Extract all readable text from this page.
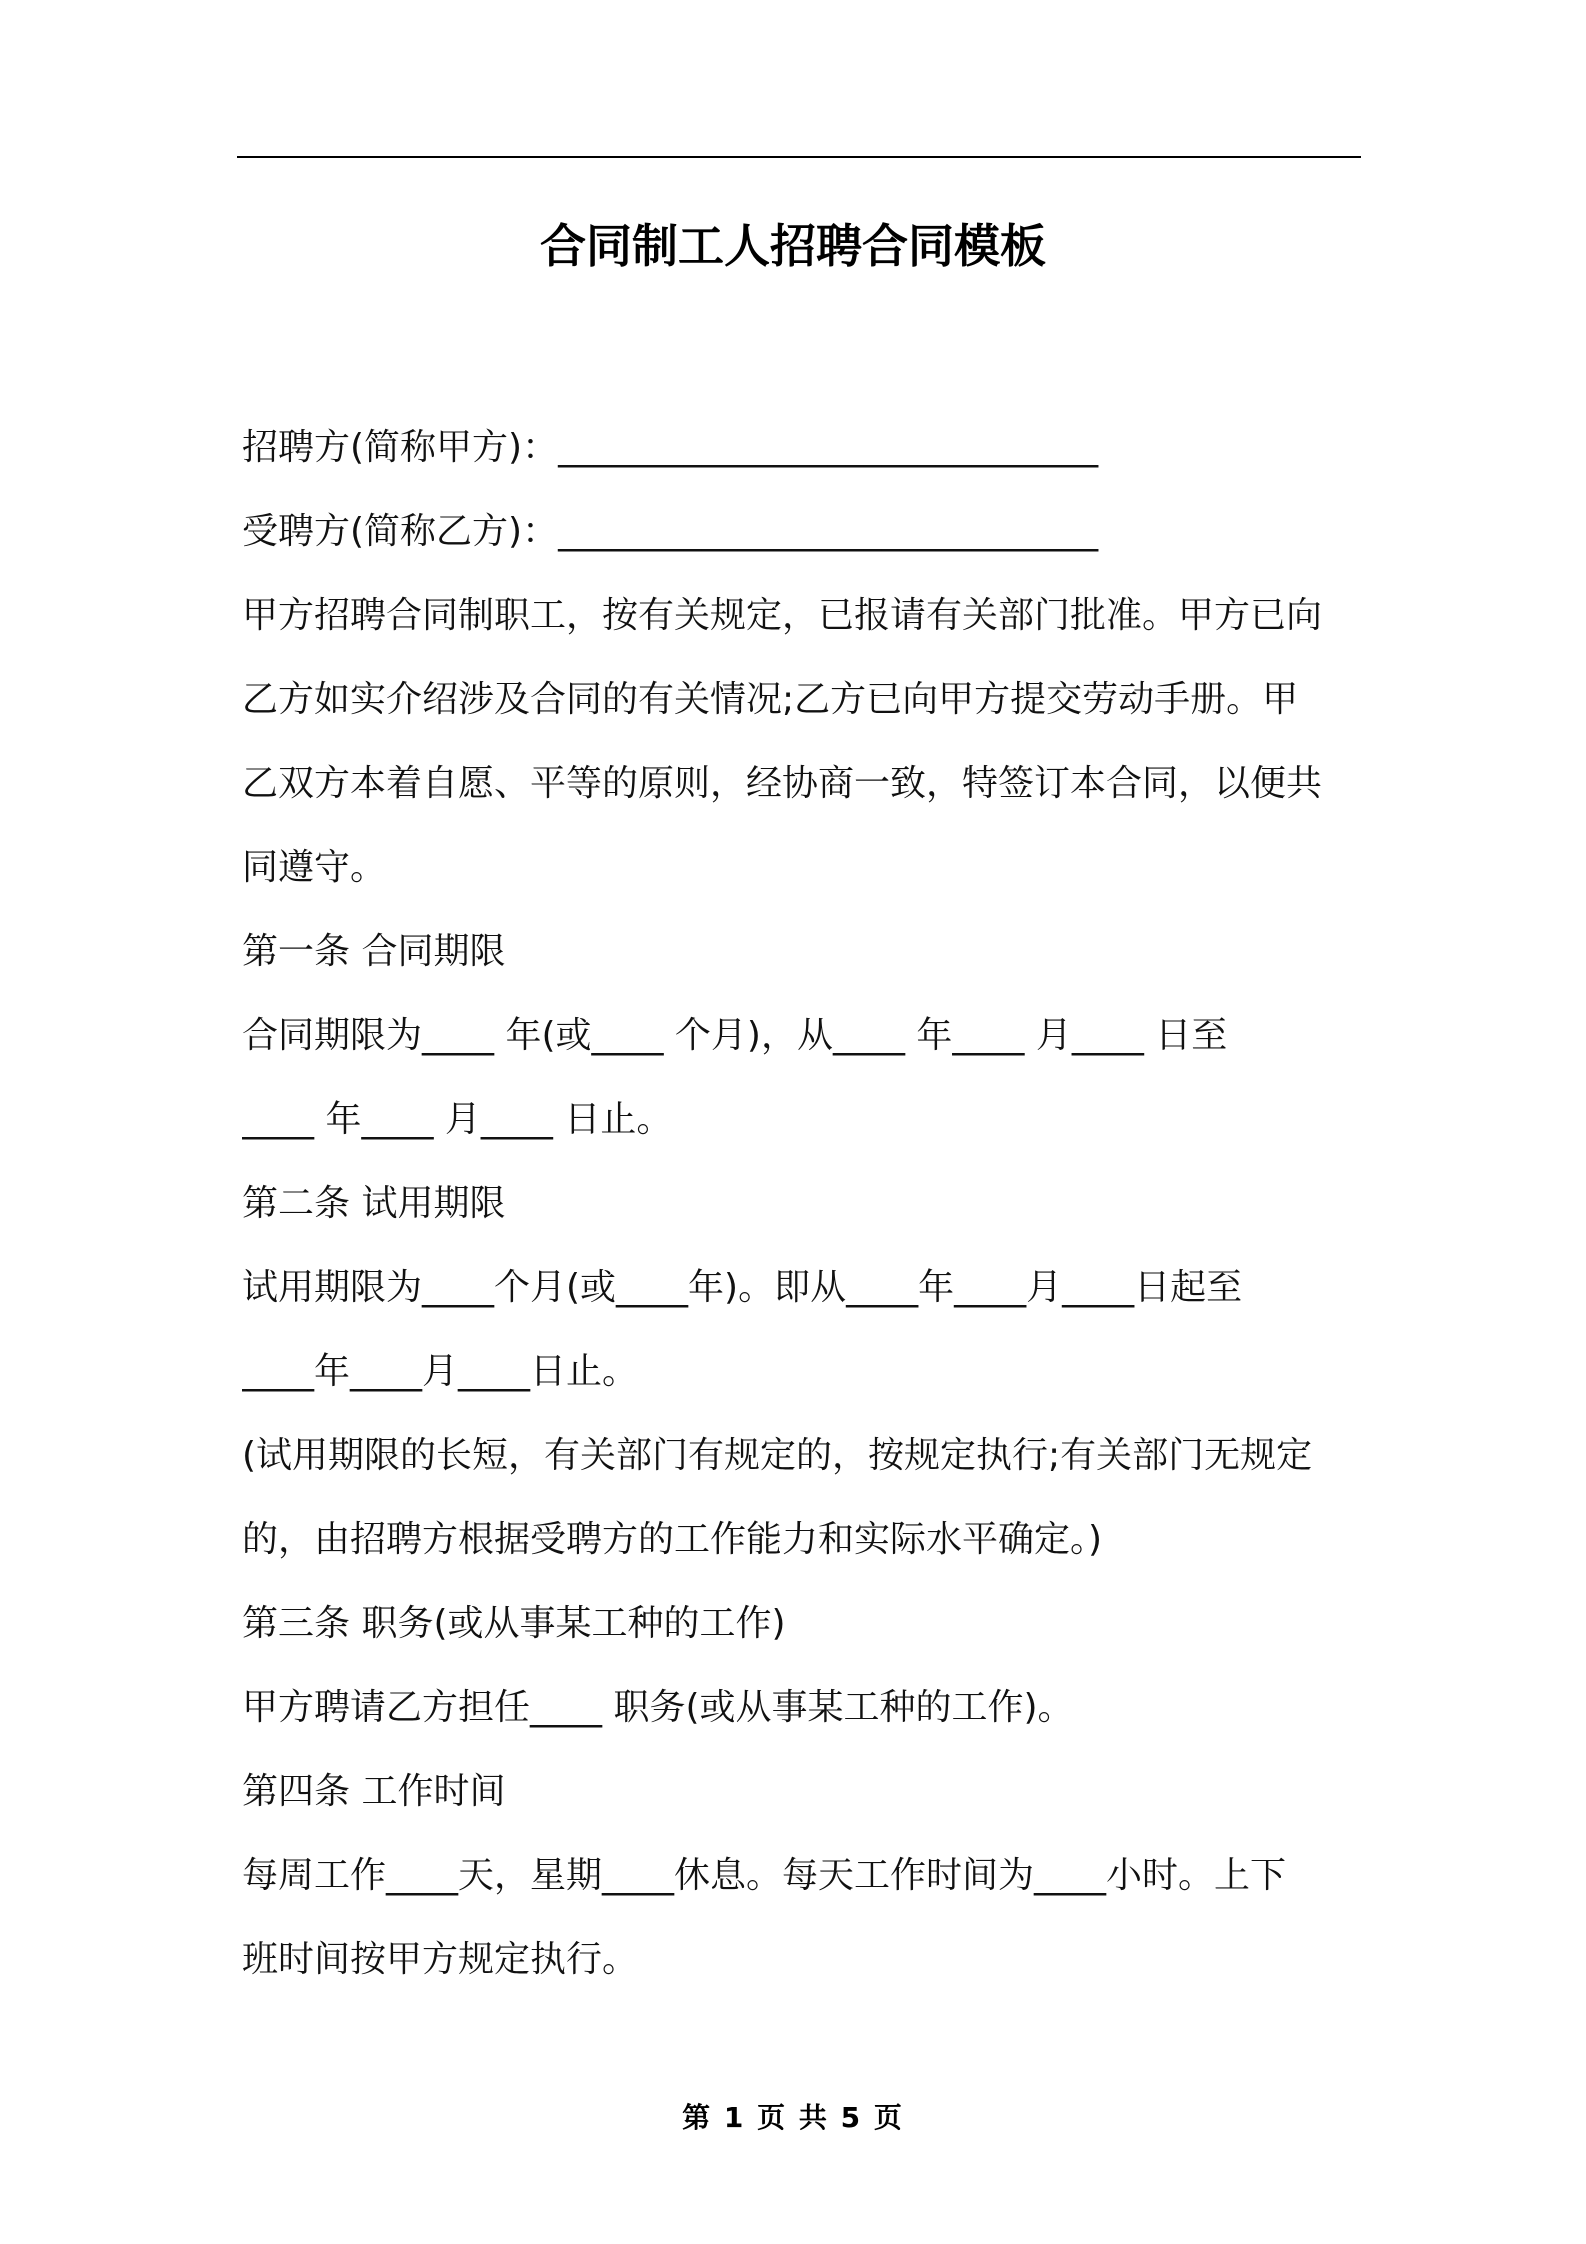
合同制工人招聘合同模板
招聘方(简称甲方)：______________________________
受聘方(简称乙方)：______________________________
甲方招聘合同制职工，按有关规定，已报请有关部门批准。甲方已向
乙方如实介绍涉及合同的有关情况;乙方已向甲方提交劳动手册。甲
乙双方本着自愿、平等的原则，经协商一致，特签订本合同，以便共
同遵守。
第一条 合同期限
合同期限为____ 年(或____ 个月)，从____ 年____ 月____ 日至
____ 年____ 月____ 日止。
第二条 试用期限
试用期限为____个月(或____年)。即从____年____月____日起至
____年____月____日止。
(试用期限的长短，有关部门有规定的，按规定执行;有关部门无规定
的，由招聘方根据受聘方的工作能力和实际水平确定。)
第三条 职务(或从事某工种的工作)
甲方聘请乙方担任____ 职务(或从事某工种的工作)。
第四条 工作时间
每周工作____天，星期____休息。每天工作时间为____小时。上下
班时间按甲方规定执行。
第 1 页 共 5 页
